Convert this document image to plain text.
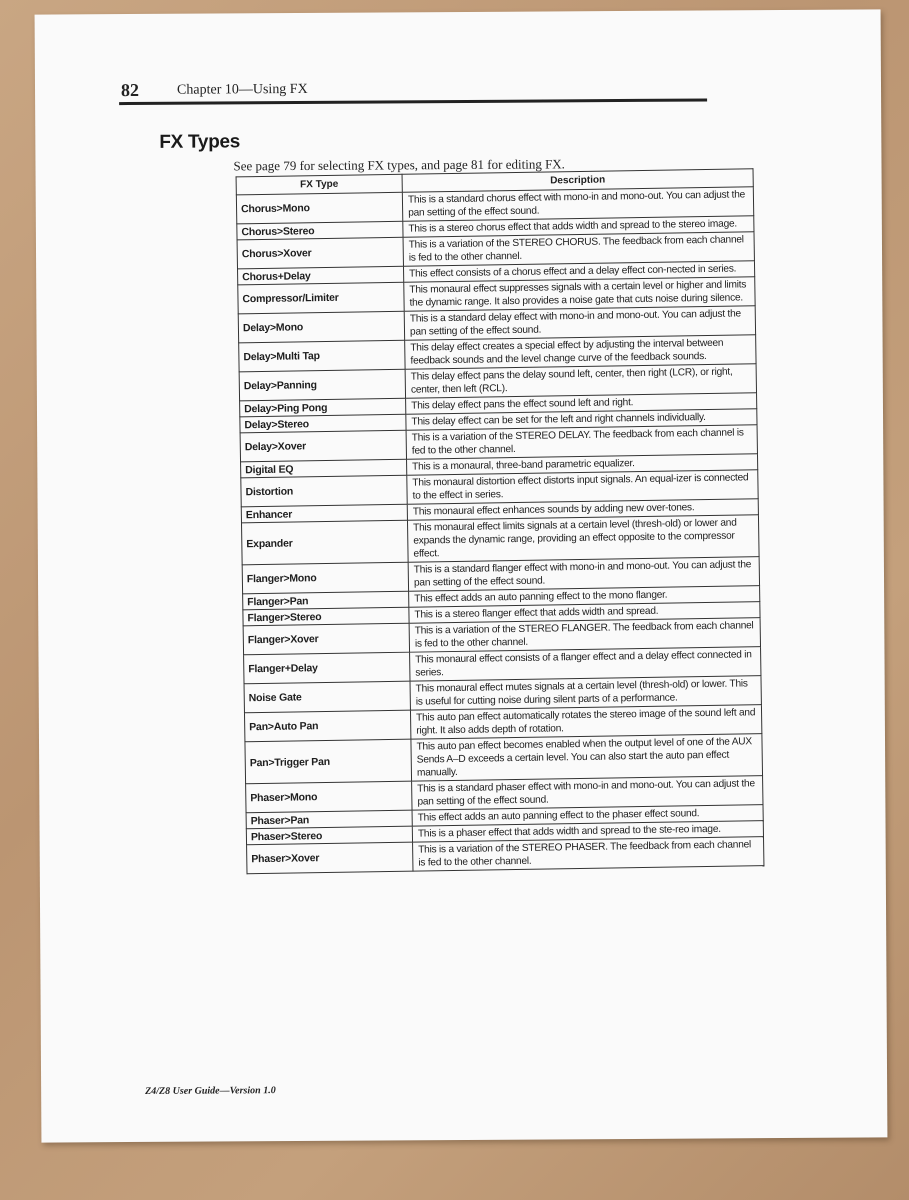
82	Chapter 10—Using FX
FX Types
See page 79 for selecting FX types, and page 81 for editing FX.
FX Type	Description
Chorus>Mono	This is a standard chorus effect with mono-in and mono-out. You can adjust the pan setting of the effect sound.
Chorus>Stereo	This is a stereo chorus effect that adds width and spread to the stereo image.
Chorus>Xover	This is a variation of the STEREO CHORUS. The feedback from each channel is fed to the other channel.
Chorus+Delay	This effect consists of a chorus effect and a delay effect con-nected in series.
Compressor/Limiter	This monaural effect suppresses signals with a certain level or higher and limits the dynamic range. It also provides a noise gate that cuts noise during silence.
Delay>Mono	This is a standard delay effect with mono-in and mono-out. You can adjust the pan setting of the effect sound.
Delay>Multi Tap	This delay effect creates a special effect by adjusting the interval between feedback sounds and the level change curve of the feedback sounds.
Delay>Panning	This delay effect pans the delay sound left, center, then right (LCR), or right, center, then left (RCL).
Delay>Ping Pong	This delay effect pans the effect sound left and right.
Delay>Stereo	This delay effect can be set for the left and right channels individually.
Delay>Xover	This is a variation of the STEREO DELAY. The feedback from each channel is fed to the other channel.
Digital EQ	This is a monaural, three-band parametric equalizer.
Distortion	This monaural distortion effect distorts input signals. An equal-izer is connected to the effect in series.
Enhancer	This monaural effect enhances sounds by adding new over-tones.
Expander	This monaural effect limits signals at a certain level (thresh-old) or lower and expands the dynamic range, providing an effect opposite to the compressor effect.
Flanger>Mono	This is a standard flanger effect with mono-in and mono-out. You can adjust the pan setting of the effect sound.
Flanger>Pan	This effect adds an auto panning effect to the mono flanger.
Flanger>Stereo	This is a stereo flanger effect that adds width and spread.
Flanger>Xover	This is a variation of the STEREO FLANGER. The feedback from each channel is fed to the other channel.
Flanger+Delay	This monaural effect consists of a flanger effect and a delay effect connected in series.
Noise Gate	This monaural effect mutes signals at a certain level (thresh-old) or lower. This is useful for cutting noise during silent parts of a performance.
Pan>Auto Pan	This auto pan effect automatically rotates the stereo image of the sound left and right. It also adds depth of rotation.
Pan>Trigger Pan	This auto pan effect becomes enabled when the output level of one of the AUX Sends A–D exceeds a certain level. You can also start the auto pan effect manually.
Phaser>Mono	This is a standard phaser effect with mono-in and mono-out. You can adjust the pan setting of the effect sound.
Phaser>Pan	This effect adds an auto panning effect to the phaser effect sound.
Phaser>Stereo	This is a phaser effect that adds width and spread to the ste-reo image.
Phaser>Xover	This is a variation of the STEREO PHASER. The feedback from each channel is fed to the other channel.
Z4/Z8 User Guide—Version 1.0
